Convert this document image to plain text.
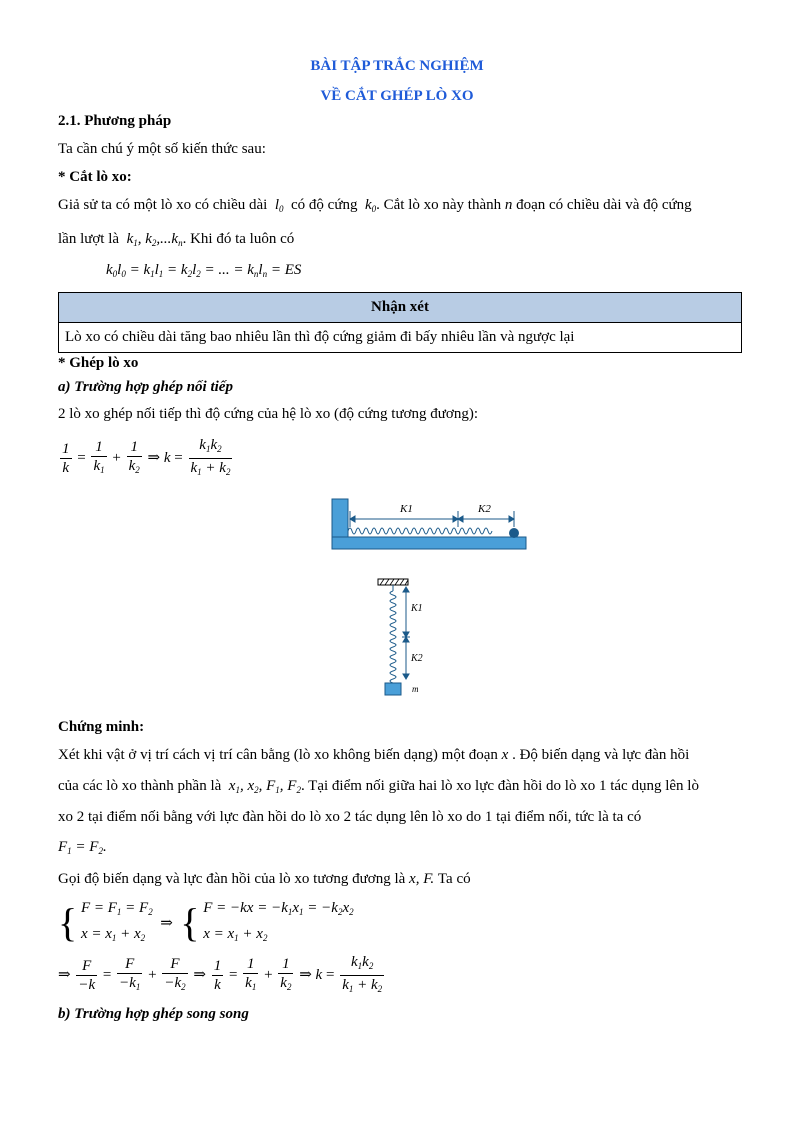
BÀI TẬP TRẮC NGHIỆM
VỀ CẮT GHÉP LÒ XO
2.1. Phương pháp
Ta cần chú ý một số kiến thức sau:
* Cắt lò xo:
Giả sử ta có một lò xo có chiều dài  $l_0$ có độ cứng  $k_0$. Cắt lò xo này thành n đoạn có chiều dài và độ cứng
lần lượt là  $k_1$, $k_2,...k_n$. Khi đó ta luôn có
$k_0l_0 = k_1l_1 = k_2l_2$ = ... = $k_nl_n$ = ES
Nhận xét
Lò xo có chiều dài tăng bao nhiêu lần thì độ cứng giảm đi bấy nhiêu lần và ngược lại
* Ghép lò xo
a) Trường hợp ghép nối tiếp
2 lò xo ghép nối tiếp thì độ cứng của hệ lò xo (độ cứng tương đương):
$\frac{1}{k} = \frac{1}{k_1} + \frac{1}{k_2}$ ⇒ $k = \frac{k_1k_2}{k_1 + k_2}$
K1	K2
K1
K2
m
Chứng minh:
Xét khi vật ở vị trí cách vị trí cân bằng (lò xo không biến dạng) một đoạn x . Độ biến dạng và lực đàn hồi
của các lò xo thành phần là  $x_1$, $x_2$, $F_1$, $F_2$. Tại điểm nối giữa hai lò xo lực đàn hồi do lò xo 1 tác dụng lên lò
xo 2 tại điểm nối bằng với lực đàn hồi do lò xo 2 tác dụng lên lò xo do 1 tại điểm nối, tức là ta có
$F_1 = F_2$.
Gọi độ biến dạng và lực đàn hồi của lò xo tương đương là x, F. Ta có
{ $F = F_1 = F_2$
$x = x_1 + x_2$  ⇒  { $F = -kx = -k_1x_1 = -k_2x_2$
$x = x_1 + x_2$
⇒ $\frac{F}{-k} = \frac{F}{-k_1} + \frac{F}{-k_2}$ ⇒ $\frac{1}{k} = \frac{1}{k_1} + \frac{1}{k_2}$ ⇒ $k = \frac{k_1k_2}{k_1 + k_2}$
b) Trường hợp ghép song song
